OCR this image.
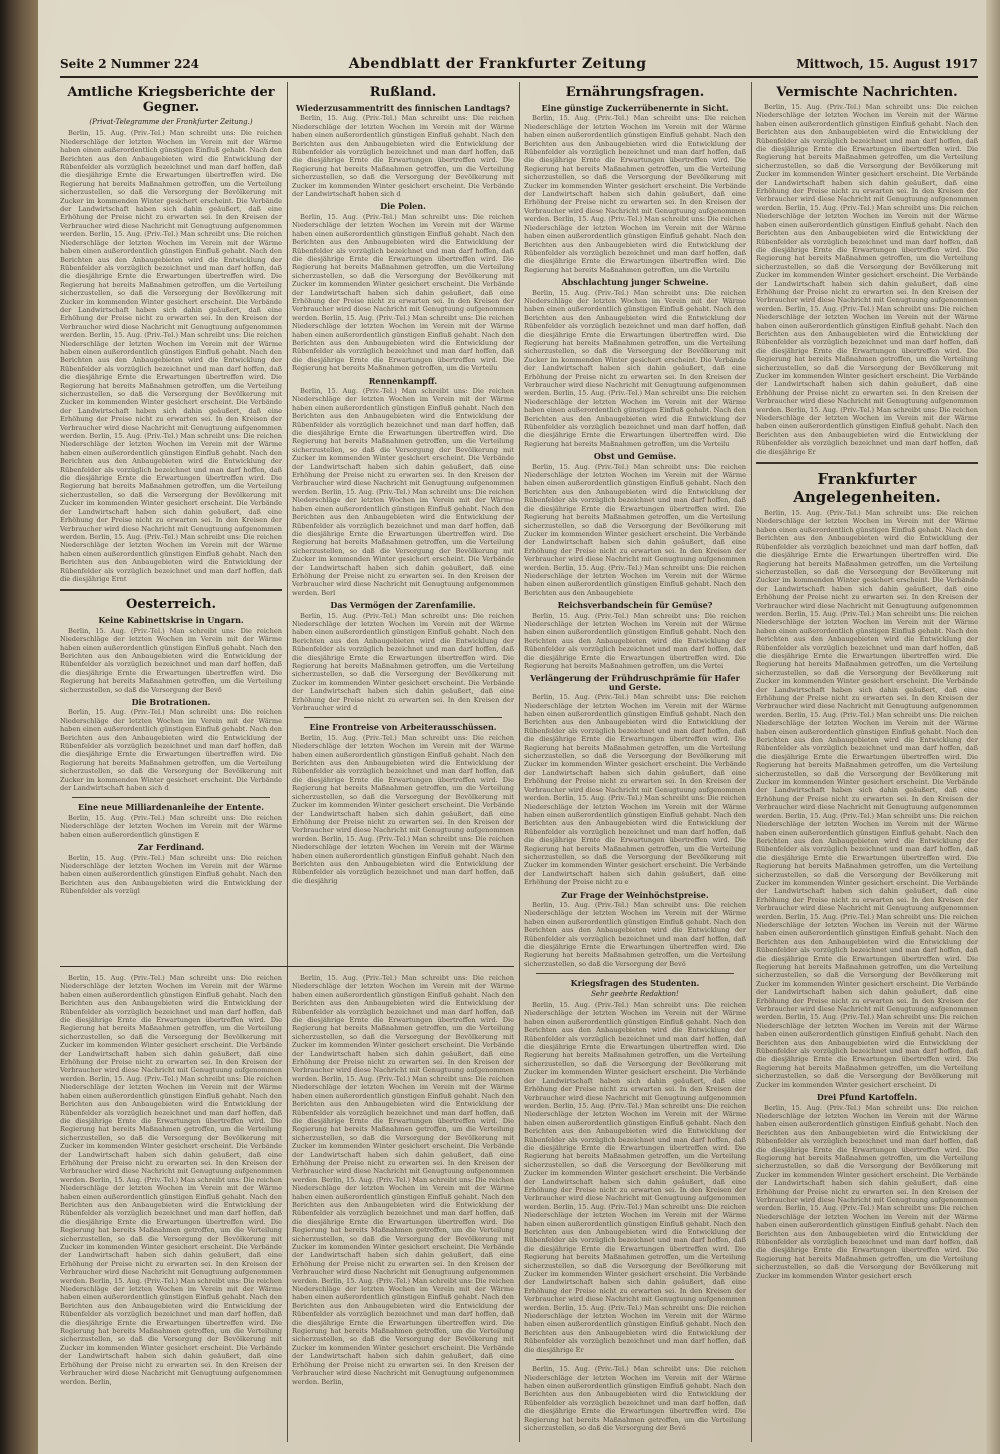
Seite 2 Nummer 224	Abendblatt der Frankfurter Zeitung	Mittwoch, 15. August 1917
Amtliche Kriegsberichte der Gegner.
(Privat-Telegramme der Frankfurter Zeitung.)

Berlin, 15. Aug. (Priv.-Tel.) Man schreibt uns: Die reichen Niederschläge der letzten Wochen im Verein mit der Wärme haben einen außerordentlich günstigen Einfluß gehabt. Nach den Berichten aus den Anbaugebieten wird die Entwicklung der Rübenfelder als vorzüglich bezeichnet und man darf hoffen, daß die diesjährige Ernte die Erwartungen übertreffen wird. Die Regierung hat bereits Maßnahmen getroffen, um die Verteilung sicherzustellen, so daß die Versorgung der Bevölkerung mit Zucker im kommenden Winter gesichert erscheint. Die Verbände der Landwirtschaft haben sich dahin geäußert, daß eine Erhöhung der Preise nicht zu erwarten sei. In den Kreisen der Verbraucher wird diese Nachricht mit Genugtuung aufgenommen werden. Berlin, 15. Aug. (Priv.-Tel.) Man schreibt uns: Die reichen Niederschläge der letzten Wochen im Verein mit der Wärme haben einen außerordentlich günstigen Einfluß gehabt. Nach den Berichten aus den Anbaugebieten wird die Entwicklung der Rübenfelder als vorzüglich bezeichnet und man darf hoffen, daß die diesjährige Ernte die Erwartungen übertreffen wird. Die Regierung hat bereits Maßnahmen getroffen, um die Verteilung sicherzustellen, so daß die Versorgung der Bevölkerung mit Zucker im kommenden Winter gesichert erscheint. Die Verbände der Landwirtschaft haben sich dahin geäußert, daß eine Erhöhung der Preise nicht zu erwarten sei. In den Kreisen der Verbraucher wird diese Nachricht mit Genugtuung aufgenommen werden. Berlin, 15. Aug. (Priv.-Tel.) Man schreibt uns: Die reichen Niederschläge der letzten Wochen im Verein mit der Wärme haben einen außerordentlich günstigen Einfluß gehabt. Nach den Berichten aus den Anbaugebieten wird die Entwicklung der Rübenfelder als vorzüglich bezeichnet und man darf hoffen, daß die diesjährige Ernte die Erwartungen übertreffen wird. Die Regierung hat bereits Maßnahmen getroffen, um die Verteilung sicherzustellen, so daß die Versorgung der Bevölkerung mit Zucker im kommenden Winter gesichert erscheint. Die Verbände der Landwirtschaft haben sich dahin geäußert, daß eine Erhöhung der Preise nicht zu erwarten sei. In den Kreisen der Verbraucher wird diese Nachricht mit Genugtuung aufgenommen werden. Berlin, 15. Aug. (Priv.-Tel.) Man schreibt uns: Die reichen Niederschläge der letzten Wochen im Verein mit der Wärme haben einen außerordentlich günstigen Einfluß gehabt. Nach den Berichten aus den Anbaugebieten wird die Entwicklung der Rübenfelder als vorzüglich bezeichnet und man darf hoffen, daß die diesjährige Ernte die Erwartungen übertreffen wird. Die Regierung hat bereits Maßnahmen getroffen, um die Verteilung sicherzustellen, so daß die Versorgung der Bevölkerung mit Zucker im kommenden Winter gesichert erscheint. Die Verbände der Landwirtschaft haben sich dahin geäußert, daß eine Erhöhung der Preise nicht zu erwarten sei. In den Kreisen der Verbraucher wird diese Nachricht mit Genugtuung aufgenommen werden. Berlin, 15. Aug. (Priv.-Tel.) Man schreibt uns: Die reichen Niederschläge der letzten Wochen im Verein mit der Wärme haben einen außerordentlich günstigen Einfluß gehabt. Nach den Berichten aus den Anbaugebieten wird die Entwicklung der Rübenfelder als vorzüglich bezeichnet und man darf hoffen, daß die diesjährige Ernt

Oesterreich.
Keine Kabinettskrise in Ungarn.

Berlin, 15. Aug. (Priv.-Tel.) Man schreibt uns: Die reichen Niederschläge der letzten Wochen im Verein mit der Wärme haben einen außerordentlich günstigen Einfluß gehabt. Nach den Berichten aus den Anbaugebieten wird die Entwicklung der Rübenfelder als vorzüglich bezeichnet und man darf hoffen, daß die diesjährige Ernte die Erwartungen übertreffen wird. Die Regierung hat bereits Maßnahmen getroffen, um die Verteilung sicherzustellen, so daß die Versorgung der Bevö

Die Brotrationen.

Berlin, 15. Aug. (Priv.-Tel.) Man schreibt uns: Die reichen Niederschläge der letzten Wochen im Verein mit der Wärme haben einen außerordentlich günstigen Einfluß gehabt. Nach den Berichten aus den Anbaugebieten wird die Entwicklung der Rübenfelder als vorzüglich bezeichnet und man darf hoffen, daß die diesjährige Ernte die Erwartungen übertreffen wird. Die Regierung hat bereits Maßnahmen getroffen, um die Verteilung sicherzustellen, so daß die Versorgung der Bevölkerung mit Zucker im kommenden Winter gesichert erscheint. Die Verbände der Landwirtschaft haben sich d

Eine neue Milliardenanleihe der Entente.

Berlin, 15. Aug. (Priv.-Tel.) Man schreibt uns: Die reichen Niederschläge der letzten Wochen im Verein mit der Wärme haben einen außerordentlich günstigen E

Zar Ferdinand.

Berlin, 15. Aug. (Priv.-Tel.) Man schreibt uns: Die reichen Niederschläge der letzten Wochen im Verein mit der Wärme haben einen außerordentlich günstigen Einfluß gehabt. Nach den Berichten aus den Anbaugebieten wird die Entwicklung der Rübenfelder als vorzügl

Rußland.
Wiederzusammentritt des finnischen Landtags?

Berlin, 15. Aug. (Priv.-Tel.) Man schreibt uns: Die reichen Niederschläge der letzten Wochen im Verein mit der Wärme haben einen außerordentlich günstigen Einfluß gehabt. Nach den Berichten aus den Anbaugebieten wird die Entwicklung der Rübenfelder als vorzüglich bezeichnet und man darf hoffen, daß die diesjährige Ernte die Erwartungen übertreffen wird. Die Regierung hat bereits Maßnahmen getroffen, um die Verteilung sicherzustellen, so daß die Versorgung der Bevölkerung mit Zucker im kommenden Winter gesichert erscheint. Die Verbände der Landwirtschaft haben sich d

Die Polen.

Berlin, 15. Aug. (Priv.-Tel.) Man schreibt uns: Die reichen Niederschläge der letzten Wochen im Verein mit der Wärme haben einen außerordentlich günstigen Einfluß gehabt. Nach den Berichten aus den Anbaugebieten wird die Entwicklung der Rübenfelder als vorzüglich bezeichnet und man darf hoffen, daß die diesjährige Ernte die Erwartungen übertreffen wird. Die Regierung hat bereits Maßnahmen getroffen, um die Verteilung sicherzustellen, so daß die Versorgung der Bevölkerung mit Zucker im kommenden Winter gesichert erscheint. Die Verbände der Landwirtschaft haben sich dahin geäußert, daß eine Erhöhung der Preise nicht zu erwarten sei. In den Kreisen der Verbraucher wird diese Nachricht mit Genugtuung aufgenommen werden. Berlin, 15. Aug. (Priv.-Tel.) Man schreibt uns: Die reichen Niederschläge der letzten Wochen im Verein mit der Wärme haben einen außerordentlich günstigen Einfluß gehabt. Nach den Berichten aus den Anbaugebieten wird die Entwicklung der Rübenfelder als vorzüglich bezeichnet und man darf hoffen, daß die diesjährige Ernte die Erwartungen übertreffen wird. Die Regierung hat bereits Maßnahmen getroffen, um die Verteilu

Rennenkampff.

Berlin, 15. Aug. (Priv.-Tel.) Man schreibt uns: Die reichen Niederschläge der letzten Wochen im Verein mit der Wärme haben einen außerordentlich günstigen Einfluß gehabt. Nach den Berichten aus den Anbaugebieten wird die Entwicklung der Rübenfelder als vorzüglich bezeichnet und man darf hoffen, daß die diesjährige Ernte die Erwartungen übertreffen wird. Die Regierung hat bereits Maßnahmen getroffen, um die Verteilung sicherzustellen, so daß die Versorgung der Bevölkerung mit Zucker im kommenden Winter gesichert erscheint. Die Verbände der Landwirtschaft haben sich dahin geäußert, daß eine Erhöhung der Preise nicht zu erwarten sei. In den Kreisen der Verbraucher wird diese Nachricht mit Genugtuung aufgenommen werden. Berlin, 15. Aug. (Priv.-Tel.) Man schreibt uns: Die reichen Niederschläge der letzten Wochen im Verein mit der Wärme haben einen außerordentlich günstigen Einfluß gehabt. Nach den Berichten aus den Anbaugebieten wird die Entwicklung der Rübenfelder als vorzüglich bezeichnet und man darf hoffen, daß die diesjährige Ernte die Erwartungen übertreffen wird. Die Regierung hat bereits Maßnahmen getroffen, um die Verteilung sicherzustellen, so daß die Versorgung der Bevölkerung mit Zucker im kommenden Winter gesichert erscheint. Die Verbände der Landwirtschaft haben sich dahin geäußert, daß eine Erhöhung der Preise nicht zu erwarten sei. In den Kreisen der Verbraucher wird diese Nachricht mit Genugtuung aufgenommen werden. Berl

Das Vermögen der Zarenfamilie.

Berlin, 15. Aug. (Priv.-Tel.) Man schreibt uns: Die reichen Niederschläge der letzten Wochen im Verein mit der Wärme haben einen außerordentlich günstigen Einfluß gehabt. Nach den Berichten aus den Anbaugebieten wird die Entwicklung der Rübenfelder als vorzüglich bezeichnet und man darf hoffen, daß die diesjährige Ernte die Erwartungen übertreffen wird. Die Regierung hat bereits Maßnahmen getroffen, um die Verteilung sicherzustellen, so daß die Versorgung der Bevölkerung mit Zucker im kommenden Winter gesichert erscheint. Die Verbände der Landwirtschaft haben sich dahin geäußert, daß eine Erhöhung der Preise nicht zu erwarten sei. In den Kreisen der Verbraucher wird d

Eine Frontreise von Arbeiterausschüssen.

Berlin, 15. Aug. (Priv.-Tel.) Man schreibt uns: Die reichen Niederschläge der letzten Wochen im Verein mit der Wärme haben einen außerordentlich günstigen Einfluß gehabt. Nach den Berichten aus den Anbaugebieten wird die Entwicklung der Rübenfelder als vorzüglich bezeichnet und man darf hoffen, daß die diesjährige Ernte die Erwartungen übertreffen wird. Die Regierung hat bereits Maßnahmen getroffen, um die Verteilung sicherzustellen, so daß die Versorgung der Bevölkerung mit Zucker im kommenden Winter gesichert erscheint. Die Verbände der Landwirtschaft haben sich dahin geäußert, daß eine Erhöhung der Preise nicht zu erwarten sei. In den Kreisen der Verbraucher wird diese Nachricht mit Genugtuung aufgenommen werden. Berlin, 15. Aug. (Priv.-Tel.) Man schreibt uns: Die reichen Niederschläge der letzten Wochen im Verein mit der Wärme haben einen außerordentlich günstigen Einfluß gehabt. Nach den Berichten aus den Anbaugebieten wird die Entwicklung der Rübenfelder als vorzüglich bezeichnet und man darf hoffen, daß die diesjährig

Berlin, 15. Aug. (Priv.-Tel.) Man schreibt uns: Die reichen Niederschläge der letzten Wochen im Verein mit der Wärme haben einen außerordentlich günstigen Einfluß gehabt. Nach den Berichten aus den Anbaugebieten wird die Entwicklung der Rübenfelder als vorzüglich bezeichnet und man darf hoffen, daß die diesjährige Ernte die Erwartungen übertreffen wird. Die Regierung hat bereits Maßnahmen getroffen, um die Verteilung sicherzustellen, so daß die Versorgung der Bevölkerung mit Zucker im kommenden Winter gesichert erscheint. Die Verbände der Landwirtschaft haben sich dahin geäußert, daß eine Erhöhung der Preise nicht zu erwarten sei. In den Kreisen der Verbraucher wird diese Nachricht mit Genugtuung aufgenommen werden. Berlin, 15. Aug. (Priv.-Tel.) Man schreibt uns: Die reichen Niederschläge der letzten Wochen im Verein mit der Wärme haben einen außerordentlich günstigen Einfluß gehabt. Nach den Berichten aus den Anbaugebieten wird die Entwicklung der Rübenfelder als vorzüglich bezeichnet und man darf hoffen, daß die diesjährige Ernte die Erwartungen übertreffen wird. Die Regierung hat bereits Maßnahmen getroffen, um die Verteilung sicherzustellen, so daß die Versorgung der Bevölkerung mit Zucker im kommenden Winter gesichert erscheint. Die Verbände der Landwirtschaft haben sich dahin geäußert, daß eine Erhöhung der Preise nicht zu erwarten sei. In den Kreisen der Verbraucher wird diese Nachricht mit Genugtuung aufgenommen werden. Berlin, 15. Aug. (Priv.-Tel.) Man schreibt uns: Die reichen Niederschläge der letzten Wochen im Verein mit der Wärme haben einen außerordentlich günstigen Einfluß gehabt. Nach den Berichten aus den Anbaugebieten wird die Entwicklung der Rübenfelder als vorzüglich bezeichnet und man darf hoffen, daß die diesjährige Ernte die Erwartungen übertreffen wird. Die Regierung hat bereits Maßnahmen getroffen, um die Verteilung sicherzustellen, so daß die Versorgung der Bevölkerung mit Zucker im kommenden Winter gesichert erscheint. Die Verbände der Landwirtschaft haben sich dahin geäußert, daß eine Erhöhung der Preise nicht zu erwarten sei. In den Kreisen der Verbraucher wird diese Nachricht mit Genugtuung aufgenommen werden. Berlin, 15. Aug. (Priv.-Tel.) Man schreibt uns: Die reichen Niederschläge der letzten Wochen im Verein mit der Wärme haben einen außerordentlich günstigen Einfluß gehabt. Nach den Berichten aus den Anbaugebieten wird die Entwicklung der Rübenfelder als vorzüglich bezeichnet und man darf hoffen, daß die diesjährige Ernte die Erwartungen übertreffen wird. Die Regierung hat bereits Maßnahmen getroffen, um die Verteilung sicherzustellen, so daß die Versorgung der Bevölkerung mit Zucker im kommenden Winter gesichert erscheint. Die Verbände der Landwirtschaft haben sich dahin geäußert, daß eine Erhöhung der Preise nicht zu erwarten sei. In den Kreisen der Verbraucher wird diese Nachricht mit Genugtuung aufgenommen werden. Berlin,

Berlin, 15. Aug. (Priv.-Tel.) Man schreibt uns: Die reichen Niederschläge der letzten Wochen im Verein mit der Wärme haben einen außerordentlich günstigen Einfluß gehabt. Nach den Berichten aus den Anbaugebieten wird die Entwicklung der Rübenfelder als vorzüglich bezeichnet und man darf hoffen, daß die diesjährige Ernte die Erwartungen übertreffen wird. Die Regierung hat bereits Maßnahmen getroffen, um die Verteilung sicherzustellen, so daß die Versorgung der Bevölkerung mit Zucker im kommenden Winter gesichert erscheint. Die Verbände der Landwirtschaft haben sich dahin geäußert, daß eine Erhöhung der Preise nicht zu erwarten sei. In den Kreisen der Verbraucher wird diese Nachricht mit Genugtuung aufgenommen werden. Berlin, 15. Aug. (Priv.-Tel.) Man schreibt uns: Die reichen Niederschläge der letzten Wochen im Verein mit der Wärme haben einen außerordentlich günstigen Einfluß gehabt. Nach den Berichten aus den Anbaugebieten wird die Entwicklung der Rübenfelder als vorzüglich bezeichnet und man darf hoffen, daß die diesjährige Ernte die Erwartungen übertreffen wird. Die Regierung hat bereits Maßnahmen getroffen, um die Verteilung sicherzustellen, so daß die Versorgung der Bevölkerung mit Zucker im kommenden Winter gesichert erscheint. Die Verbände der Landwirtschaft haben sich dahin geäußert, daß eine Erhöhung der Preise nicht zu erwarten sei. In den Kreisen der Verbraucher wird diese Nachricht mit Genugtuung aufgenommen werden. Berlin, 15. Aug. (Priv.-Tel.) Man schreibt uns: Die reichen Niederschläge der letzten Wochen im Verein mit der Wärme haben einen außerordentlich günstigen Einfluß gehabt. Nach den Berichten aus den Anbaugebieten wird die Entwicklung der Rübenfelder als vorzüglich bezeichnet und man darf hoffen, daß die diesjährige Ernte die Erwartungen übertreffen wird. Die Regierung hat bereits Maßnahmen getroffen, um die Verteilung sicherzustellen, so daß die Versorgung der Bevölkerung mit Zucker im kommenden Winter gesichert erscheint. Die Verbände der Landwirtschaft haben sich dahin geäußert, daß eine Erhöhung der Preise nicht zu erwarten sei. In den Kreisen der Verbraucher wird diese Nachricht mit Genugtuung aufgenommen werden. Berlin, 15. Aug. (Priv.-Tel.) Man schreibt uns: Die reichen Niederschläge der letzten Wochen im Verein mit der Wärme haben einen außerordentlich günstigen Einfluß gehabt. Nach den Berichten aus den Anbaugebieten wird die Entwicklung der Rübenfelder als vorzüglich bezeichnet und man darf hoffen, daß die diesjährige Ernte die Erwartungen übertreffen wird. Die Regierung hat bereits Maßnahmen getroffen, um die Verteilung sicherzustellen, so daß die Versorgung der Bevölkerung mit Zucker im kommenden Winter gesichert erscheint. Die Verbände der Landwirtschaft haben sich dahin geäußert, daß eine Erhöhung der Preise nicht zu erwarten sei. In den Kreisen der Verbraucher wird diese Nachricht mit Genugtuung aufgenommen werden. Berlin,

Ernährungsfragen.
Eine günstige Zuckerrübenernte in Sicht.

Berlin, 15. Aug. (Priv.-Tel.) Man schreibt uns: Die reichen Niederschläge der letzten Wochen im Verein mit der Wärme haben einen außerordentlich günstigen Einfluß gehabt. Nach den Berichten aus den Anbaugebieten wird die Entwicklung der Rübenfelder als vorzüglich bezeichnet und man darf hoffen, daß die diesjährige Ernte die Erwartungen übertreffen wird. Die Regierung hat bereits Maßnahmen getroffen, um die Verteilung sicherzustellen, so daß die Versorgung der Bevölkerung mit Zucker im kommenden Winter gesichert erscheint. Die Verbände der Landwirtschaft haben sich dahin geäußert, daß eine Erhöhung der Preise nicht zu erwarten sei. In den Kreisen der Verbraucher wird diese Nachricht mit Genugtuung aufgenommen werden. Berlin, 15. Aug. (Priv.-Tel.) Man schreibt uns: Die reichen Niederschläge der letzten Wochen im Verein mit der Wärme haben einen außerordentlich günstigen Einfluß gehabt. Nach den Berichten aus den Anbaugebieten wird die Entwicklung der Rübenfelder als vorzüglich bezeichnet und man darf hoffen, daß die diesjährige Ernte die Erwartungen übertreffen wird. Die Regierung hat bereits Maßnahmen getroffen, um die Verteilu

Abschlachtung junger Schweine.

Berlin, 15. Aug. (Priv.-Tel.) Man schreibt uns: Die reichen Niederschläge der letzten Wochen im Verein mit der Wärme haben einen außerordentlich günstigen Einfluß gehabt. Nach den Berichten aus den Anbaugebieten wird die Entwicklung der Rübenfelder als vorzüglich bezeichnet und man darf hoffen, daß die diesjährige Ernte die Erwartungen übertreffen wird. Die Regierung hat bereits Maßnahmen getroffen, um die Verteilung sicherzustellen, so daß die Versorgung der Bevölkerung mit Zucker im kommenden Winter gesichert erscheint. Die Verbände der Landwirtschaft haben sich dahin geäußert, daß eine Erhöhung der Preise nicht zu erwarten sei. In den Kreisen der Verbraucher wird diese Nachricht mit Genugtuung aufgenommen werden. Berlin, 15. Aug. (Priv.-Tel.) Man schreibt uns: Die reichen Niederschläge der letzten Wochen im Verein mit der Wärme haben einen außerordentlich günstigen Einfluß gehabt. Nach den Berichten aus den Anbaugebieten wird die Entwicklung der Rübenfelder als vorzüglich bezeichnet und man darf hoffen, daß die diesjährige Ernte die Erwartungen übertreffen wird. Die Regierung hat bereits Maßnahmen getroffen, um die Verteilu

Obst und Gemüse.

Berlin, 15. Aug. (Priv.-Tel.) Man schreibt uns: Die reichen Niederschläge der letzten Wochen im Verein mit der Wärme haben einen außerordentlich günstigen Einfluß gehabt. Nach den Berichten aus den Anbaugebieten wird die Entwicklung der Rübenfelder als vorzüglich bezeichnet und man darf hoffen, daß die diesjährige Ernte die Erwartungen übertreffen wird. Die Regierung hat bereits Maßnahmen getroffen, um die Verteilung sicherzustellen, so daß die Versorgung der Bevölkerung mit Zucker im kommenden Winter gesichert erscheint. Die Verbände der Landwirtschaft haben sich dahin geäußert, daß eine Erhöhung der Preise nicht zu erwarten sei. In den Kreisen der Verbraucher wird diese Nachricht mit Genugtuung aufgenommen werden. Berlin, 15. Aug. (Priv.-Tel.) Man schreibt uns: Die reichen Niederschläge der letzten Wochen im Verein mit der Wärme haben einen außerordentlich günstigen Einfluß gehabt. Nach den Berichten aus den Anbaugebiete

Reichsverbandschein für Gemüse?

Berlin, 15. Aug. (Priv.-Tel.) Man schreibt uns: Die reichen Niederschläge der letzten Wochen im Verein mit der Wärme haben einen außerordentlich günstigen Einfluß gehabt. Nach den Berichten aus den Anbaugebieten wird die Entwicklung der Rübenfelder als vorzüglich bezeichnet und man darf hoffen, daß die diesjährige Ernte die Erwartungen übertreffen wird. Die Regierung hat bereits Maßnahmen getroffen, um die Vertei

Verlängerung der Frühdruschprämie für Hafer und Gerste.

Berlin, 15. Aug. (Priv.-Tel.) Man schreibt uns: Die reichen Niederschläge der letzten Wochen im Verein mit der Wärme haben einen außerordentlich günstigen Einfluß gehabt. Nach den Berichten aus den Anbaugebieten wird die Entwicklung der Rübenfelder als vorzüglich bezeichnet und man darf hoffen, daß die diesjährige Ernte die Erwartungen übertreffen wird. Die Regierung hat bereits Maßnahmen getroffen, um die Verteilung sicherzustellen, so daß die Versorgung der Bevölkerung mit Zucker im kommenden Winter gesichert erscheint. Die Verbände der Landwirtschaft haben sich dahin geäußert, daß eine Erhöhung der Preise nicht zu erwarten sei. In den Kreisen der Verbraucher wird diese Nachricht mit Genugtuung aufgenommen werden. Berlin, 15. Aug. (Priv.-Tel.) Man schreibt uns: Die reichen Niederschläge der letzten Wochen im Verein mit der Wärme haben einen außerordentlich günstigen Einfluß gehabt. Nach den Berichten aus den Anbaugebieten wird die Entwicklung der Rübenfelder als vorzüglich bezeichnet und man darf hoffen, daß die diesjährige Ernte die Erwartungen übertreffen wird. Die Regierung hat bereits Maßnahmen getroffen, um die Verteilung sicherzustellen, so daß die Versorgung der Bevölkerung mit Zucker im kommenden Winter gesichert erscheint. Die Verbände der Landwirtschaft haben sich dahin geäußert, daß eine Erhöhung der Preise nicht zu e

Zur Frage der Weinhöchstpreise.

Berlin, 15. Aug. (Priv.-Tel.) Man schreibt uns: Die reichen Niederschläge der letzten Wochen im Verein mit der Wärme haben einen außerordentlich günstigen Einfluß gehabt. Nach den Berichten aus den Anbaugebieten wird die Entwicklung der Rübenfelder als vorzüglich bezeichnet und man darf hoffen, daß die diesjährige Ernte die Erwartungen übertreffen wird. Die Regierung hat bereits Maßnahmen getroffen, um die Verteilung sicherzustellen, so daß die Versorgung der Bevö

Kriegsfragen des Studenten.
Sehr geehrte Redaktion!

Berlin, 15. Aug. (Priv.-Tel.) Man schreibt uns: Die reichen Niederschläge der letzten Wochen im Verein mit der Wärme haben einen außerordentlich günstigen Einfluß gehabt. Nach den Berichten aus den Anbaugebieten wird die Entwicklung der Rübenfelder als vorzüglich bezeichnet und man darf hoffen, daß die diesjährige Ernte die Erwartungen übertreffen wird. Die Regierung hat bereits Maßnahmen getroffen, um die Verteilung sicherzustellen, so daß die Versorgung der Bevölkerung mit Zucker im kommenden Winter gesichert erscheint. Die Verbände der Landwirtschaft haben sich dahin geäußert, daß eine Erhöhung der Preise nicht zu erwarten sei. In den Kreisen der Verbraucher wird diese Nachricht mit Genugtuung aufgenommen werden. Berlin, 15. Aug. (Priv.-Tel.) Man schreibt uns: Die reichen Niederschläge der letzten Wochen im Verein mit der Wärme haben einen außerordentlich günstigen Einfluß gehabt. Nach den Berichten aus den Anbaugebieten wird die Entwicklung der Rübenfelder als vorzüglich bezeichnet und man darf hoffen, daß die diesjährige Ernte die Erwartungen übertreffen wird. Die Regierung hat bereits Maßnahmen getroffen, um die Verteilung sicherzustellen, so daß die Versorgung der Bevölkerung mit Zucker im kommenden Winter gesichert erscheint. Die Verbände der Landwirtschaft haben sich dahin geäußert, daß eine Erhöhung der Preise nicht zu erwarten sei. In den Kreisen der Verbraucher wird diese Nachricht mit Genugtuung aufgenommen werden. Berlin, 15. Aug. (Priv.-Tel.) Man schreibt uns: Die reichen Niederschläge der letzten Wochen im Verein mit der Wärme haben einen außerordentlich günstigen Einfluß gehabt. Nach den Berichten aus den Anbaugebieten wird die Entwicklung der Rübenfelder als vorzüglich bezeichnet und man darf hoffen, daß die diesjährige Ernte die Erwartungen übertreffen wird. Die Regierung hat bereits Maßnahmen getroffen, um die Verteilung sicherzustellen, so daß die Versorgung der Bevölkerung mit Zucker im kommenden Winter gesichert erscheint. Die Verbände der Landwirtschaft haben sich dahin geäußert, daß eine Erhöhung der Preise nicht zu erwarten sei. In den Kreisen der Verbraucher wird diese Nachricht mit Genugtuung aufgenommen werden. Berlin, 15. Aug. (Priv.-Tel.) Man schreibt uns: Die reichen Niederschläge der letzten Wochen im Verein mit der Wärme haben einen außerordentlich günstigen Einfluß gehabt. Nach den Berichten aus den Anbaugebieten wird die Entwicklung der Rübenfelder als vorzüglich bezeichnet und man darf hoffen, daß die diesjährige Er

Berlin, 15. Aug. (Priv.-Tel.) Man schreibt uns: Die reichen Niederschläge der letzten Wochen im Verein mit der Wärme haben einen außerordentlich günstigen Einfluß gehabt. Nach den Berichten aus den Anbaugebieten wird die Entwicklung der Rübenfelder als vorzüglich bezeichnet und man darf hoffen, daß die diesjährige Ernte die Erwartungen übertreffen wird. Die Regierung hat bereits Maßnahmen getroffen, um die Verteilung sicherzustellen, so daß die Versorgung der Bevö

Vermischte Nachrichten.

Berlin, 15. Aug. (Priv.-Tel.) Man schreibt uns: Die reichen Niederschläge der letzten Wochen im Verein mit der Wärme haben einen außerordentlich günstigen Einfluß gehabt. Nach den Berichten aus den Anbaugebieten wird die Entwicklung der Rübenfelder als vorzüglich bezeichnet und man darf hoffen, daß die diesjährige Ernte die Erwartungen übertreffen wird. Die Regierung hat bereits Maßnahmen getroffen, um die Verteilung sicherzustellen, so daß die Versorgung der Bevölkerung mit Zucker im kommenden Winter gesichert erscheint. Die Verbände der Landwirtschaft haben sich dahin geäußert, daß eine Erhöhung der Preise nicht zu erwarten sei. In den Kreisen der Verbraucher wird diese Nachricht mit Genugtuung aufgenommen werden. Berlin, 15. Aug. (Priv.-Tel.) Man schreibt uns: Die reichen Niederschläge der letzten Wochen im Verein mit der Wärme haben einen außerordentlich günstigen Einfluß gehabt. Nach den Berichten aus den Anbaugebieten wird die Entwicklung der Rübenfelder als vorzüglich bezeichnet und man darf hoffen, daß die diesjährige Ernte die Erwartungen übertreffen wird. Die Regierung hat bereits Maßnahmen getroffen, um die Verteilung sicherzustellen, so daß die Versorgung der Bevölkerung mit Zucker im kommenden Winter gesichert erscheint. Die Verbände der Landwirtschaft haben sich dahin geäußert, daß eine Erhöhung der Preise nicht zu erwarten sei. In den Kreisen der Verbraucher wird diese Nachricht mit Genugtuung aufgenommen werden. Berlin, 15. Aug. (Priv.-Tel.) Man schreibt uns: Die reichen Niederschläge der letzten Wochen im Verein mit der Wärme haben einen außerordentlich günstigen Einfluß gehabt. Nach den Berichten aus den Anbaugebieten wird die Entwicklung der Rübenfelder als vorzüglich bezeichnet und man darf hoffen, daß die diesjährige Ernte die Erwartungen übertreffen wird. Die Regierung hat bereits Maßnahmen getroffen, um die Verteilung sicherzustellen, so daß die Versorgung der Bevölkerung mit Zucker im kommenden Winter gesichert erscheint. Die Verbände der Landwirtschaft haben sich dahin geäußert, daß eine Erhöhung der Preise nicht zu erwarten sei. In den Kreisen der Verbraucher wird diese Nachricht mit Genugtuung aufgenommen werden. Berlin, 15. Aug. (Priv.-Tel.) Man schreibt uns: Die reichen Niederschläge der letzten Wochen im Verein mit der Wärme haben einen außerordentlich günstigen Einfluß gehabt. Nach den Berichten aus den Anbaugebieten wird die Entwicklung der Rübenfelder als vorzüglich bezeichnet und man darf hoffen, daß die diesjährige Er

Frankfurter Angelegenheiten.

Berlin, 15. Aug. (Priv.-Tel.) Man schreibt uns: Die reichen Niederschläge der letzten Wochen im Verein mit der Wärme haben einen außerordentlich günstigen Einfluß gehabt. Nach den Berichten aus den Anbaugebieten wird die Entwicklung der Rübenfelder als vorzüglich bezeichnet und man darf hoffen, daß die diesjährige Ernte die Erwartungen übertreffen wird. Die Regierung hat bereits Maßnahmen getroffen, um die Verteilung sicherzustellen, so daß die Versorgung der Bevölkerung mit Zucker im kommenden Winter gesichert erscheint. Die Verbände der Landwirtschaft haben sich dahin geäußert, daß eine Erhöhung der Preise nicht zu erwarten sei. In den Kreisen der Verbraucher wird diese Nachricht mit Genugtuung aufgenommen werden. Berlin, 15. Aug. (Priv.-Tel.) Man schreibt uns: Die reichen Niederschläge der letzten Wochen im Verein mit der Wärme haben einen außerordentlich günstigen Einfluß gehabt. Nach den Berichten aus den Anbaugebieten wird die Entwicklung der Rübenfelder als vorzüglich bezeichnet und man darf hoffen, daß die diesjährige Ernte die Erwartungen übertreffen wird. Die Regierung hat bereits Maßnahmen getroffen, um die Verteilung sicherzustellen, so daß die Versorgung der Bevölkerung mit Zucker im kommenden Winter gesichert erscheint. Die Verbände der Landwirtschaft haben sich dahin geäußert, daß eine Erhöhung der Preise nicht zu erwarten sei. In den Kreisen der Verbraucher wird diese Nachricht mit Genugtuung aufgenommen werden. Berlin, 15. Aug. (Priv.-Tel.) Man schreibt uns: Die reichen Niederschläge der letzten Wochen im Verein mit der Wärme haben einen außerordentlich günstigen Einfluß gehabt. Nach den Berichten aus den Anbaugebieten wird die Entwicklung der Rübenfelder als vorzüglich bezeichnet und man darf hoffen, daß die diesjährige Ernte die Erwartungen übertreffen wird. Die Regierung hat bereits Maßnahmen getroffen, um die Verteilung sicherzustellen, so daß die Versorgung der Bevölkerung mit Zucker im kommenden Winter gesichert erscheint. Die Verbände der Landwirtschaft haben sich dahin geäußert, daß eine Erhöhung der Preise nicht zu erwarten sei. In den Kreisen der Verbraucher wird diese Nachricht mit Genugtuung aufgenommen werden. Berlin, 15. Aug. (Priv.-Tel.) Man schreibt uns: Die reichen Niederschläge der letzten Wochen im Verein mit der Wärme haben einen außerordentlich günstigen Einfluß gehabt. Nach den Berichten aus den Anbaugebieten wird die Entwicklung der Rübenfelder als vorzüglich bezeichnet und man darf hoffen, daß die diesjährige Ernte die Erwartungen übertreffen wird. Die Regierung hat bereits Maßnahmen getroffen, um die Verteilung sicherzustellen, so daß die Versorgung der Bevölkerung mit Zucker im kommenden Winter gesichert erscheint. Die Verbände der Landwirtschaft haben sich dahin geäußert, daß eine Erhöhung der Preise nicht zu erwarten sei. In den Kreisen der Verbraucher wird diese Nachricht mit Genugtuung aufgenommen werden. Berlin, 15. Aug. (Priv.-Tel.) Man schreibt uns: Die reichen Niederschläge der letzten Wochen im Verein mit der Wärme haben einen außerordentlich günstigen Einfluß gehabt. Nach den Berichten aus den Anbaugebieten wird die Entwicklung der Rübenfelder als vorzüglich bezeichnet und man darf hoffen, daß die diesjährige Ernte die Erwartungen übertreffen wird. Die Regierung hat bereits Maßnahmen getroffen, um die Verteilung sicherzustellen, so daß die Versorgung der Bevölkerung mit Zucker im kommenden Winter gesichert erscheint. Die Verbände der Landwirtschaft haben sich dahin geäußert, daß eine Erhöhung der Preise nicht zu erwarten sei. In den Kreisen der Verbraucher wird diese Nachricht mit Genugtuung aufgenommen werden. Berlin, 15. Aug. (Priv.-Tel.) Man schreibt uns: Die reichen Niederschläge der letzten Wochen im Verein mit der Wärme haben einen außerordentlich günstigen Einfluß gehabt. Nach den Berichten aus den Anbaugebieten wird die Entwicklung der Rübenfelder als vorzüglich bezeichnet und man darf hoffen, daß die diesjährige Ernte die Erwartungen übertreffen wird. Die Regierung hat bereits Maßnahmen getroffen, um die Verteilung sicherzustellen, so daß die Versorgung der Bevölkerung mit Zucker im kommenden Winter gesichert erscheint. Di

Drei Pfund Kartoffeln.

Berlin, 15. Aug. (Priv.-Tel.) Man schreibt uns: Die reichen Niederschläge der letzten Wochen im Verein mit der Wärme haben einen außerordentlich günstigen Einfluß gehabt. Nach den Berichten aus den Anbaugebieten wird die Entwicklung der Rübenfelder als vorzüglich bezeichnet und man darf hoffen, daß die diesjährige Ernte die Erwartungen übertreffen wird. Die Regierung hat bereits Maßnahmen getroffen, um die Verteilung sicherzustellen, so daß die Versorgung der Bevölkerung mit Zucker im kommenden Winter gesichert erscheint. Die Verbände der Landwirtschaft haben sich dahin geäußert, daß eine Erhöhung der Preise nicht zu erwarten sei. In den Kreisen der Verbraucher wird diese Nachricht mit Genugtuung aufgenommen werden. Berlin, 15. Aug. (Priv.-Tel.) Man schreibt uns: Die reichen Niederschläge der letzten Wochen im Verein mit der Wärme haben einen außerordentlich günstigen Einfluß gehabt. Nach den Berichten aus den Anbaugebieten wird die Entwicklung der Rübenfelder als vorzüglich bezeichnet und man darf hoffen, daß die diesjährige Ernte die Erwartungen übertreffen wird. Die Regierung hat bereits Maßnahmen getroffen, um die Verteilung sicherzustellen, so daß die Versorgung der Bevölkerung mit Zucker im kommenden Winter gesichert ersch
